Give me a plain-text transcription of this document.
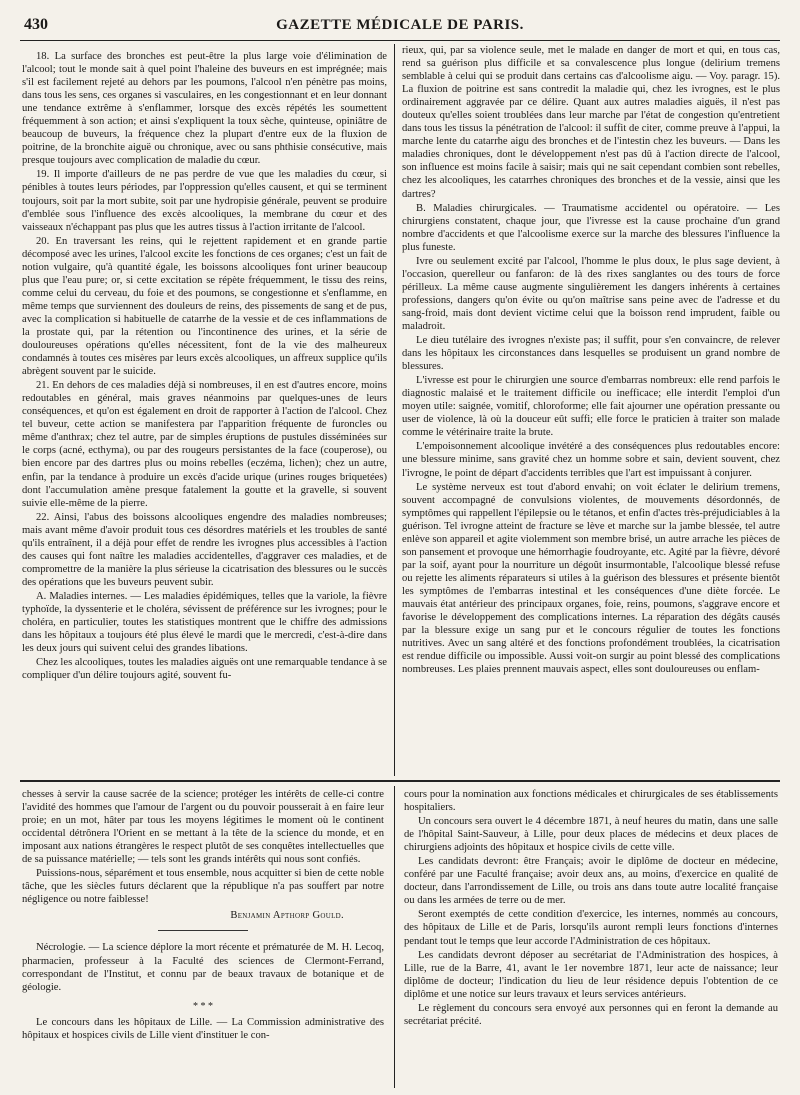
430	GAZETTE MÉDICALE DE PARIS.

18. La surface des bronches est peut-être la plus large voie d'élimination de l'alcool; tout le monde sait à quel point l'haleine des buveurs en est imprégnée; mais s'il est facilement rejeté au dehors par les poumons, l'alcool n'en pénètre pas moins, dans tous les sens, ces organes si vasculaires, en les congestionnant et en leur donnant une tendance extrême à s'enflammer, lorsque des excès répétés les soumettent fréquemment à son action; et ainsi s'expliquent la toux sèche, quinteuse, opiniâtre de beaucoup de buveurs, la fréquence chez la plupart d'entre eux de la fluxion de poitrine, de la bronchite aiguë ou chronique, avec ou sans phthisie consécutive, mais presque toujours avec complication de maladie du cœur.

19. Il importe d'ailleurs de ne pas perdre de vue que les maladies du cœur, si pénibles à toutes leurs périodes, par l'oppression qu'elles causent, et qui se terminent toujours, soit par la mort subite, soit par une hydropisie générale, peuvent se produire d'emblée sous l'influence des excès alcooliques, la membrane du cœur et des vaisseaux n'échappant pas plus que les autres tissus à l'action irritante de l'alcool.

20. En traversant les reins, qui le rejettent rapidement et en grande partie décomposé avec les urines, l'alcool excite les fonctions de ces organes; c'est un fait de notion vulgaire, qu'à quantité égale, les boissons alcooliques font uriner beaucoup plus que l'eau pure; or, si cette excitation se répète fréquemment, le tissu des reins, comme celui du cerveau, du foie et des poumons, se congestionne et s'enflamme, en même temps que surviennent des douleurs de reins, des pissements de sang et de pus, avec la complication si habituelle de catarrhe de la vessie et de ces inflammations de la prostate qui, par la rétention ou l'incontinence des urines, et la série de douloureuses opérations qu'elles nécessitent, font de la vie des malheureux condamnés à toutes ces misères par leurs excès alcooliques, un affreux supplice qu'ils abrègent souvent par le suicide.

21. En dehors de ces maladies déjà si nombreuses, il en est d'autres encore, moins redoutables en général, mais graves néanmoins par quelques-unes de leurs conséquences, et qu'on est également en droit de rapporter à l'action de l'alcool. Chez tel buveur, cette action se manifestera par l'apparition fréquente de furoncles ou même d'anthrax; chez tel autre, par de simples éruptions de pustules disséminées sur le corps (acné, ecthyma), ou par des rougeurs persistantes de la face (couperose), ou bien encore par des dartres plus ou moins rebelles (eczéma, lichen); chez un autre, enfin, par la tendance à produire un excès d'acide urique (urines rouges briquetées) dont l'accumulation amène presque fatalement la goutte et la gravelle, si souvent suivie elle-même de la pierre.

22. Ainsi, l'abus des boissons alcooliques engendre des maladies nombreuses; mais avant même d'avoir produit tous ces désordres matériels et les troubles de santé qu'ils entraînent, il a déjà pour effet de rendre les ivrognes plus accessibles à l'action des causes qui font naître les maladies accidentelles, d'aggraver ces maladies, et de compromettre de la manière la plus sérieuse la cicatrisation des blessures ou le succès des opérations que les buveurs peuvent subir.

A. Maladies internes. — Les maladies épidémiques, telles que la variole, la fièvre typhoïde, la dyssenterie et le choléra, sévissent de préférence sur les ivrognes; pour le choléra, en particulier, toutes les statistiques montrent que le chiffre des admissions dans les hôpitaux a toujours été plus élevé le mardi que le mercredi, c'est-à-dire dans les deux jours qui suivent celui des grandes libations.

Chez les alcooliques, toutes les maladies aiguës ont une remarquable tendance à se compliquer d'un délire toujours agité, souvent fu-

rieux, qui, par sa violence seule, met le malade en danger de mort et qui, en tous cas, rend sa guérison plus difficile et sa convalescence plus longue (delirium tremens semblable à celui qui se produit dans certains cas d'alcoolisme aigu. — Voy. paragr. 15). La fluxion de poitrine est sans contredit la maladie qui, chez les ivrognes, est le plus ordinairement aggravée par ce délire. Quant aux autres maladies aiguës, il n'est pas douteux qu'elles soient troublées dans leur marche par l'état de congestion qu'entretient dans tous les tissus la pénétration de l'alcool: il suffit de citer, comme preuve à l'appui, la marche lente du catarrhe aigu des bronches et de l'intestin chez les buveurs. — Dans les maladies chroniques, dont le développement n'est pas dû à l'action directe de l'alcool, son influence est moins facile à saisir; mais qui ne sait cependant combien sont rebelles, chez les alcooliques, les catarrhes chroniques des bronches et de la vessie, ainsi que les dartres?

B. Maladies chirurgicales. — Traumatisme accidentel ou opératoire. — Les chirurgiens constatent, chaque jour, que l'ivresse est la cause prochaine d'un grand nombre d'accidents et que l'alcoolisme exerce sur la marche des blessures l'influence la plus funeste.

Ivre ou seulement excité par l'alcool, l'homme le plus doux, le plus sage devient, à l'occasion, querelleur ou fanfaron: de là des rixes sanglantes ou des tours de force périlleux. La même cause augmente singulièrement les dangers inhérents à certaines professions, dangers qu'on évite ou qu'on maîtrise sans peine avec de l'adresse et du sang-froid, mais dont devient victime celui que la boisson rend imprudent, faible ou maladroit.

Le dieu tutélaire des ivrognes n'existe pas; il suffit, pour s'en convaincre, de relever dans les hôpitaux les circonstances dans lesquelles se produisent un grand nombre de blessures.

L'ivresse est pour le chirurgien une source d'embarras nombreux: elle rend parfois le diagnostic malaisé et le traitement difficile ou inefficace; elle interdit l'emploi d'un moyen utile: saignée, vomitif, chloroforme; elle fait ajourner une opération pressante ou user de violence, là où la douceur eût suffi; elle force le praticien à traiter son malade comme le vétérinaire traite la brute.

L'empoisonnement alcoolique invétéré a des conséquences plus redoutables encore: une blessure minime, sans gravité chez un homme sobre et sain, devient souvent, chez l'ivrogne, le point de départ d'accidents terribles que l'art est impuissant à conjurer.

Le système nerveux est tout d'abord envahi; on voit éclater le delirium tremens, souvent accompagné de convulsions violentes, de mouvements désordonnés, de symptômes qui rappellent l'épilepsie ou le tétanos, et enfin d'actes très-préjudiciables à la guérison. Tel ivrogne atteint de fracture se lève et marche sur la jambe blessée, tel autre enlève son appareil et agite violemment son membre brisé, un autre arrache les pièces de son pansement et provoque une hémorrhagie foudroyante, etc. Agité par la fièvre, dévoré par la soif, ayant pour la nourriture un dégoût insurmontable, l'alcoolique blessé refuse ou rejette les aliments réparateurs si utiles à la guérison des blessures et présente bientôt les symptômes de l'embarras intestinal et les conséquences d'une diète forcée. Le mauvais état antérieur des principaux organes, foie, reins, poumons, s'aggrave encore et favorise le développement des complications internes. La réparation des dégâts causés par la blessure exige un sang pur et le concours régulier de toutes les fonctions nutritives. Avec un sang altéré et des fonctions profondément troublées, la cicatrisation est rendue difficile ou impossible. Aussi voit-on surgir au point blessé des complications nombreuses. Les plaies prennent mauvais aspect, elles sont douloureuses ou enflam-

chesses à servir la cause sacrée de la science; protéger les intérêts de celle-ci contre l'avidité des hommes que l'amour de l'argent ou du pouvoir pousserait à en faire leur proie; en un mot, hâter par tous les moyens légitimes le moment où le continent occidental détrônera l'Orient en se mettant à la tête de la science du monde, et en imposant aux nations étrangères le respect plutôt de ses conquêtes intellectuelles que de sa puissance matérielle; — tels sont les grands intérêts qui nous sont confiés.

Puissions-nous, séparément et tous ensemble, nous acquitter si bien de cette noble tâche, que les siècles futurs déclarent que la république n'a pas souffert par notre négligence ou notre faiblesse!

Benjamin Apthorp Gould.

Nécrologie. — La science déplore la mort récente et prématurée de M. H. Lecoq, pharmacien, professeur à la Faculté des sciences de Clermont-Ferrand, correspondant de l'Institut, et connu par de beaux travaux de botanique et de géologie.

* * *

Le concours dans les hôpitaux de Lille. — La Commission administrative des hôpitaux et hospices civils de Lille vient d'instituer le con-

cours pour la nomination aux fonctions médicales et chirurgicales de ses établissements hospitaliers.

Un concours sera ouvert le 4 décembre 1871, à neuf heures du matin, dans une salle de l'hôpital Saint-Sauveur, à Lille, pour deux places de médecins et deux places de chirurgiens adjoints des hôpitaux et hospice civils de cette ville.

Les candidats devront: être Français; avoir le diplôme de docteur en médecine, conféré par une Faculté française; avoir deux ans, au moins, d'exercice en qualité de docteur, dans l'arrondissement de Lille, ou trois ans dans toute autre localité française ou dans les armées de terre ou de mer.

Seront exemptés de cette condition d'exercice, les internes, nommés au concours, des hôpitaux de Lille et de Paris, lorsqu'ils auront rempli leurs fonctions d'internes pendant tout le temps que leur accorde l'Administration de ces hôpitaux.

Les candidats devront déposer au secrétariat de l'Administration des hospices, à Lille, rue de la Barre, 41, avant le 1er novembre 1871, leur acte de naissance; leur diplôme de docteur; l'indication du lieu de leur résidence depuis l'obtention de ce diplôme et une notice sur leurs travaux et leurs services antérieurs.

Le règlement du concours sera envoyé aux personnes qui en feront la demande au secrétariat précité.
